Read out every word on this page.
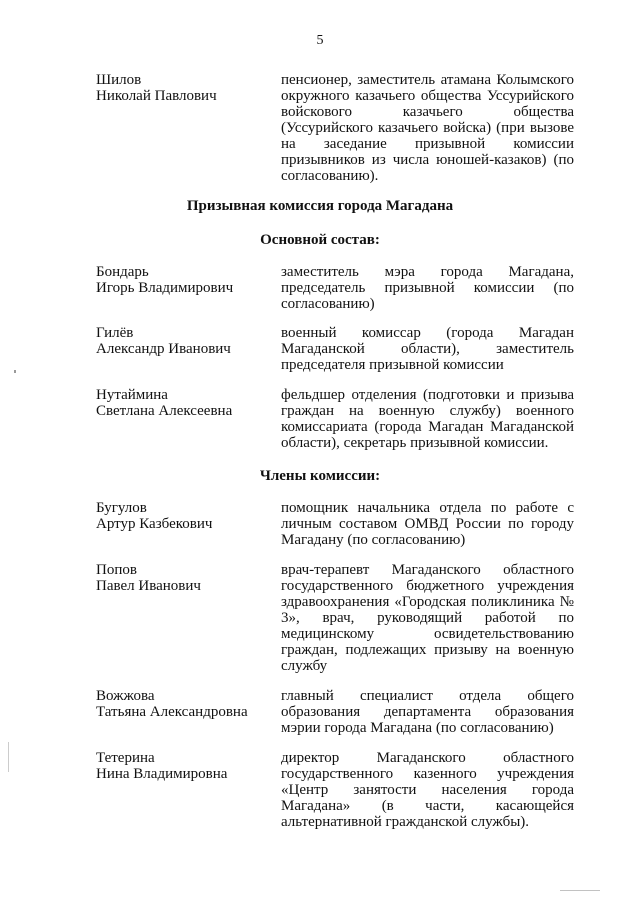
5
Шилов
Николай Павлович
пенсионер, заместитель атамана Колымского окружного казачьего общества Уссурийского войскового казачьего общества (Уссурийского казачьего войска) (при вызове на заседание призывной комиссии призывников из числа юношей-казаков) (по согласованию).
Призывная комиссия города Магадана
Основной состав:
Бондарь
Игорь Владимирович
заместитель мэра города Магадана, председатель призывной комиссии (по согласованию)
Гилёв
Александр Иванович
военный комиссар (города Магадан Магаданской области), заместитель председателя призывной комиссии
Нутаймина
Светлана Алексеевна
фельдшер отделения (подготовки и призыва граждан на военную службу) военного комиссариата (города Магадан Магаданской области), секретарь призывной комиссии.
Члены комиссии:
Бугулов
Артур Казбекович
помощник начальника отдела по работе с личным составом ОМВД России по городу Магадану (по согласованию)
Попов
Павел Иванович
врач-терапевт Магаданского областного государственного бюджетного учреждения здравоохранения «Городская поликлиника № 3», врач, руководящий работой по медицинскому освидетельствованию граждан, подлежащих призыву на военную службу
Вожжова
Татьяна Александровна
главный специалист отдела общего образования департамента образования мэрии города Магадана (по согласованию)
Тетерина
Нина Владимировна
директор Магаданского областного государственного казенного учреждения «Центр занятости населения города Магадана» (в части, касающейся альтернативной гражданской службы).
